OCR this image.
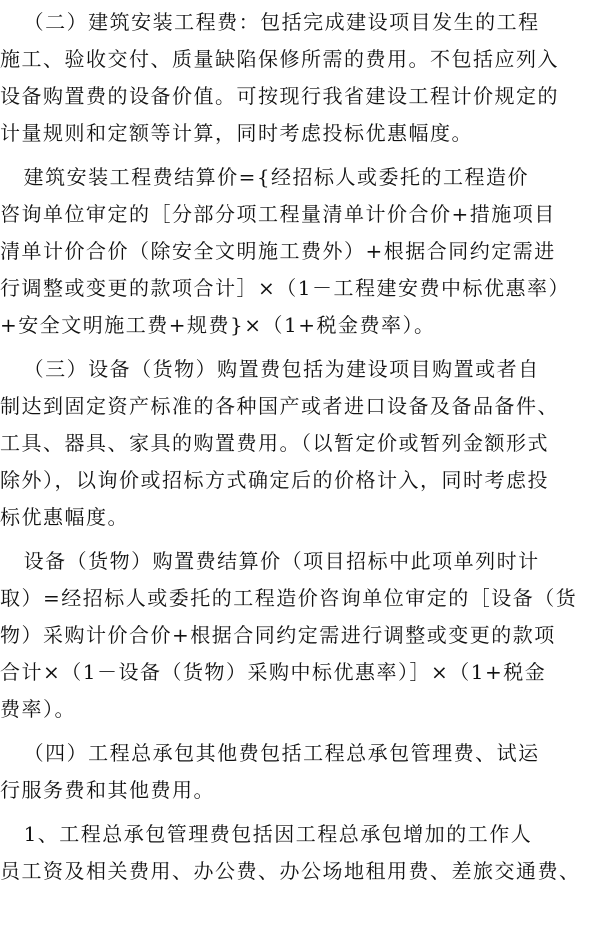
（二）建筑安装工程费：包括完成建设项目发生的工程
施工、验收交付、质量缺陷保修所需的费用。不包括应列入
设备购置费的设备价值。可按现行我省建设工程计价规定的
计量规则和定额等计算，同时考虑投标优惠幅度。
建筑安装工程费结算价={经招标人或委托的工程造价
咨询单位审定的［分部分项工程量清单计价合价+措施项目
清单计价合价（除安全文明施工费外）+根据合同约定需进
行调整或变更的款项合计］×（1－工程建安费中标优惠率）
+安全文明施工费+规费}×（1+税金费率）。
（三）设备（货物）购置费包括为建设项目购置或者自
制达到固定资产标准的各种国产或者进口设备及备品备件、
工具、器具、家具的购置费用。（以暂定价或暂列金额形式
除外），以询价或招标方式确定后的价格计入，同时考虑投
标优惠幅度。
设备（货物）购置费结算价（项目招标中此项单列时计
取）=经招标人或委托的工程造价咨询单位审定的［设备（货
物）采购计价合价+根据合同约定需进行调整或变更的款项
合计×（1－设备（货物）采购中标优惠率）］×（1+税金
费率）。
（四）工程总承包其他费包括工程总承包管理费、试运
行服务费和其他费用。
1、工程总承包管理费包括因工程总承包增加的工作人
员工资及相关费用、办公费、办公场地租用费、差旅交通费、
